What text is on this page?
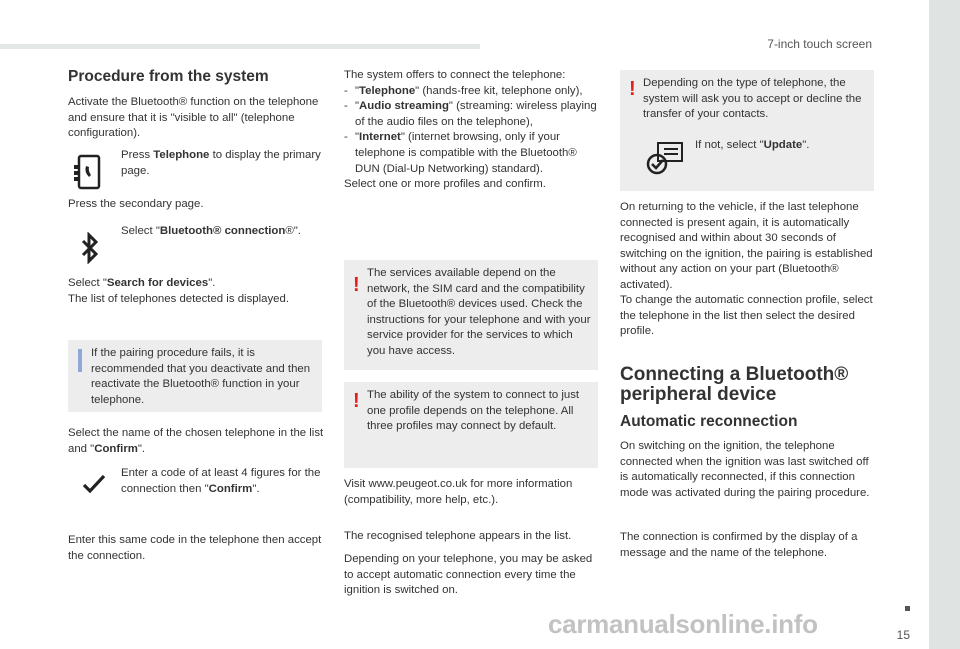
7-inch touch screen
15
carmanualsonline.info
Procedure from the system
Activate the Bluetooth® function on the telephone and ensure that it is "visible to all" (telephone configuration).
Press Telephone to display the primary page.
Press the secondary page.
Select "Bluetooth® connection®".
Select "Search for devices".
The list of telephones detected is displayed.
If the pairing procedure fails, it is recommended that you deactivate and then reactivate the Bluetooth® function in your telephone.
Select the name of the chosen telephone in the list and "Confirm".
Enter a code of at least 4 figures for the connection then "Confirm".
Enter this same code in the telephone then accept the connection.
The system offers to connect the telephone:
- "Telephone" (hands-free kit, telephone only),
- "Audio streaming" (streaming: wireless playing of the audio files on the telephone),
- "Internet" (internet browsing, only if your telephone is compatible with the Bluetooth® DUN (Dial-Up Networking) standard).
Select one or more profiles and confirm.
!
The services available depend on the network, the SIM card and the compatibility of the Bluetooth® devices used. Check the instructions for your telephone and with your service provider for the services to which you have access.
! The ability of the system to connect to just one profile depends on the telephone. All three profiles may connect by default.
Visit www.peugeot.co.uk for more information (compatibility, more help, etc.).
The recognised telephone appears in the list.
Depending on your telephone, you may be asked to accept automatic connection every time the ignition is switched on.
! Depending on the type of telephone, the system will ask you to accept or decline the transfer of your contacts.
If not, select "Update".
On returning to the vehicle, if the last telephone connected is present again, it is automatically recognised and within about 30 seconds of switching on the ignition, the pairing is established without any action on your part (Bluetooth® activated).
To change the automatic connection profile, select the telephone in the list then select the desired profile.
Connecting a Bluetooth®
peripheral device
Automatic reconnection
On switching on the ignition, the telephone connected when the ignition was last switched off is automatically reconnected, if this connection mode was activated during the pairing procedure.
The connection is confirmed by the display of a message and the name of the telephone.
